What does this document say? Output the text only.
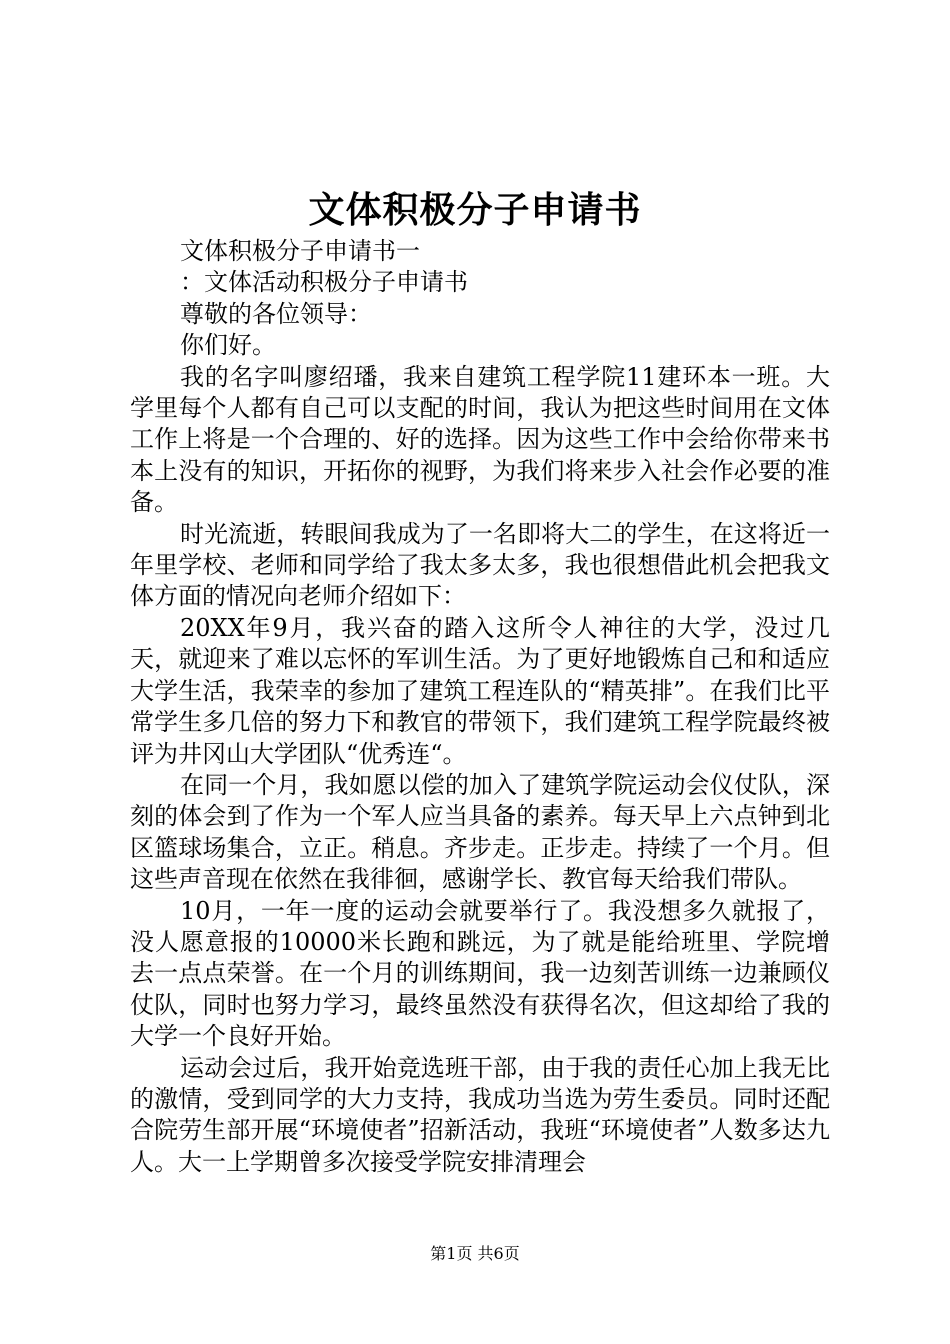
文体积极分子申请书

文体积极分子申请书一

：文体活动积极分子申请书

尊敬的各位领导：

你们好。

我的名字叫廖绍璠，我来自建筑工程学院11建环本一班。大学里每个人都有自己可以支配的时间，我认为把这些时间用在文体工作上将是一个合理的、好的选择。因为这些工作中会给你带来书本上没有的知识，开拓你的视野，为我们将来步入社会作必要的准备。

时光流逝，转眼间我成为了一名即将大二的学生，在这将近一年里学校、老师和同学给了我太多太多，我也很想借此机会把我文体方面的情况向老师介绍如下：

20XX年9月，我兴奋的踏入这所令人神往的大学，没过几天，就迎来了难以忘怀的军训生活。为了更好地锻炼自己和和适应大学生活，我荣幸的参加了建筑工程连队的“精英排”。在我们比平常学生多几倍的努力下和教官的带领下，我们建筑工程学院最终被评为井冈山大学团队“优秀连“。

在同一个月，我如愿以偿的加入了建筑学院运动会仪仗队，深刻的体会到了作为一个军人应当具备的素养。每天早上六点钟到北区篮球场集合，立正。稍息。齐步走。正步走。持续了一个月。但这些声音现在依然在我徘徊，感谢学长、教官每天给我们带队。

10月，一年一度的运动会就要举行了。我没想多久就报了，没人愿意报的10000米长跑和跳远，为了就是能给班里、学院增去一点点荣誉。在一个月的训练期间，我一边刻苦训练一边兼顾仪仗队，同时也努力学习，最终虽然没有获得名次，但这却给了我的大学一个良好开始。

运动会过后，我开始竞选班干部，由于我的责任心加上我无比的激情，受到同学的大力支持，我成功当选为劳生委员。同时还配合院劳生部开展“环境使者”招新活动，我班“环境使者”人数多达九人。大一上学期曾多次接受学院安排清理会

第1页 共6页
